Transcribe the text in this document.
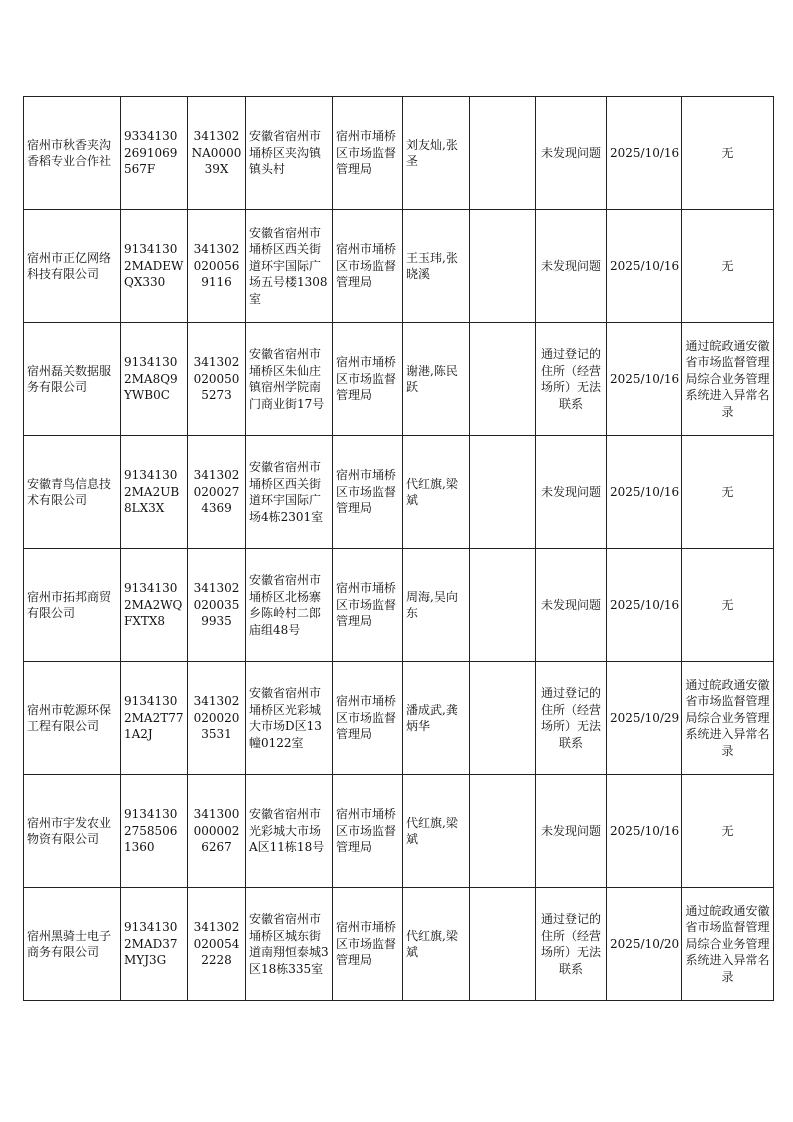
宿州市秋香夹沟香稻专业合作社	93341302691069567F	341302NA000039X	安徽省宿州市埇桥区夹沟镇镇头村	宿州市埇桥区市场监督管理局	刘友灿,张圣		未发现问题	2025/10/16	无
宿州市正亿网络科技有限公司	91341302MADEWQX330	3413020200569116	安徽省宿州市埇桥区西关街道环宇国际广场五号楼1308室	宿州市埇桥区市场监督管理局	王玉玮,张晓溪		未发现问题	2025/10/16	无
宿州磊关数据服务有限公司	91341302MA8Q9YWB0C	3413020200505273	安徽省宿州市埇桥区朱仙庄镇宿州学院南门商业街17号	宿州市埇桥区市场监督管理局	谢港,陈民跃		通过登记的住所（经营场所）无法联系	2025/10/16	通过皖政通安徽省市场监督管理局综合业务管理系统进入异常名录
安徽青鸟信息技术有限公司	91341302MA2UB8LX3X	3413020200274369	安徽省宿州市埇桥区西关街道环宇国际广场4栋2301室	宿州市埇桥区市场监督管理局	代红旗,梁斌		未发现问题	2025/10/16	无
宿州市拓邦商贸有限公司	91341302MA2WQFXTX8	3413020200359935	安徽省宿州市埇桥区北杨寨乡陈岭村二郎庙组48号	宿州市埇桥区市场监督管理局	周海,吴向东		未发现问题	2025/10/16	无
宿州市乾源环保工程有限公司	91341302MA2T771A2J	3413020200203531	安徽省宿州市埇桥区光彩城大市场D区13幢0122室	宿州市埇桥区市场监督管理局	潘成武,龚炳华		通过登记的住所（经营场所）无法联系	2025/10/29	通过皖政通安徽省市场监督管理局综合业务管理系统进入异常名录
宿州市宇发农业物资有限公司	913413027585061360	3413000000026267	安徽省宿州市光彩城大市场A区11栋18号	宿州市埇桥区市场监督管理局	代红旗,梁斌		未发现问题	2025/10/16	无
宿州黑骑士电子商务有限公司	91341302MAD37MYJ3G	3413020200542228	安徽省宿州市埇桥区城东街道南翔恒泰城3区18栋335室	宿州市埇桥区市场监督管理局	代红旗,梁斌		通过登记的住所（经营场所）无法联系	2025/10/20	通过皖政通安徽省市场监督管理局综合业务管理系统进入异常名录
